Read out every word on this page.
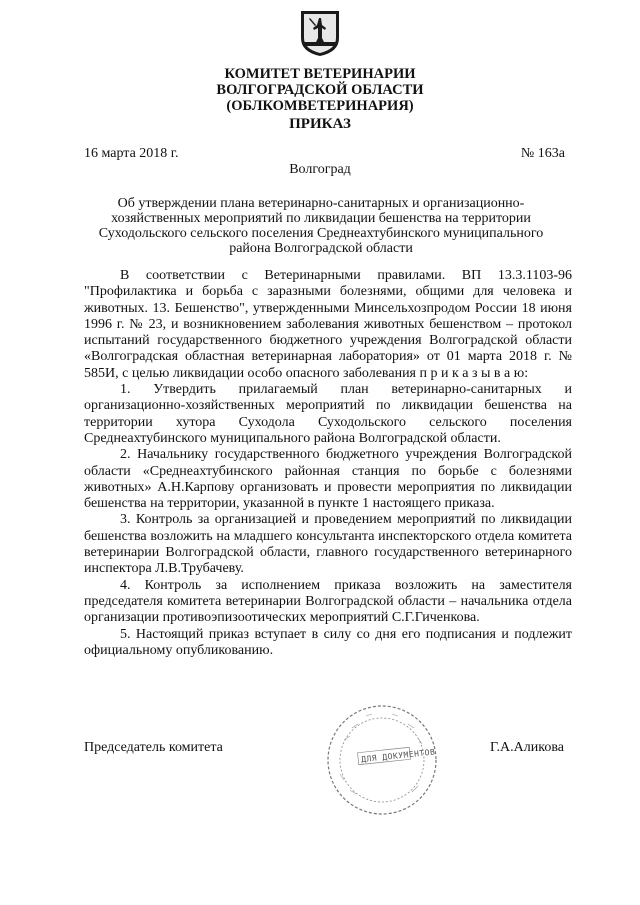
КОМИТЕТ ВЕТЕРИНАРИИ
ВОЛГОГРАДСКОЙ ОБЛАСТИ
(ОБЛКОМВЕТЕРИНАРИЯ)
ПРИКАЗ
16 марта 2018 г.	№ 163а
Волгоград
Об утверждении плана ветеринарно-санитарных и организационно-
хозяйственных мероприятий по ликвидации бешенства на территории
Суходольского сельского поселения Среднеахтубинского муниципального
района Волгоградской области

В соответствии с Ветеринарными правилами. ВП 13.3.1103-96 "Профилактика и борьба с заразными болезнями, общими для человека и животных. 13. Бешенство", утвержденными Минсельхозпродом России 18 июня 1996 г. № 23, и возникновением заболевания животных бешенством – протокол испытаний государственного бюджетного учреждения Волгоградской области «Волгоградская областная ветеринарная лаборатория» от 01 марта 2018 г. № 585И, с целью ликвидации особо опасного заболевания п р и к а з ы в а ю:

1. Утвердить прилагаемый план ветеринарно-санитарных и организационно-хозяйственных мероприятий по ликвидации бешенства на территории хутора Суходола Суходольского сельского поселения Среднеахтубинского муниципального района Волгоградской области.

2. Начальнику государственного бюджетного учреждения Волгоградской области «Среднеахтубинского районная станция по борьбе с болезнями животных» А.Н.Карпову организовать и провести мероприятия по ликвидации бешенства на территории, указанной в пункте 1 настоящего приказа.

3. Контроль за организацией и проведением мероприятий по ликвидации бешенства возложить на младшего консультанта инспекторского отдела комитета ветеринарии Волгоградской области, главного государственного ветеринарного инспектора Л.В.Трубачеву.

4. Контроль за исполнением приказа возложить на заместителя председателя комитета ветеринарии Волгоградской области – начальника отдела организации противоэпизоотических мероприятий С.Г.Гиченкова.

5. Настоящий приказ вступает в силу со дня его подписания и подлежит официальному опубликованию.

ДЛЯ ДОКУМЕНТОВ
Председатель комитета	Г.А.Аликова
